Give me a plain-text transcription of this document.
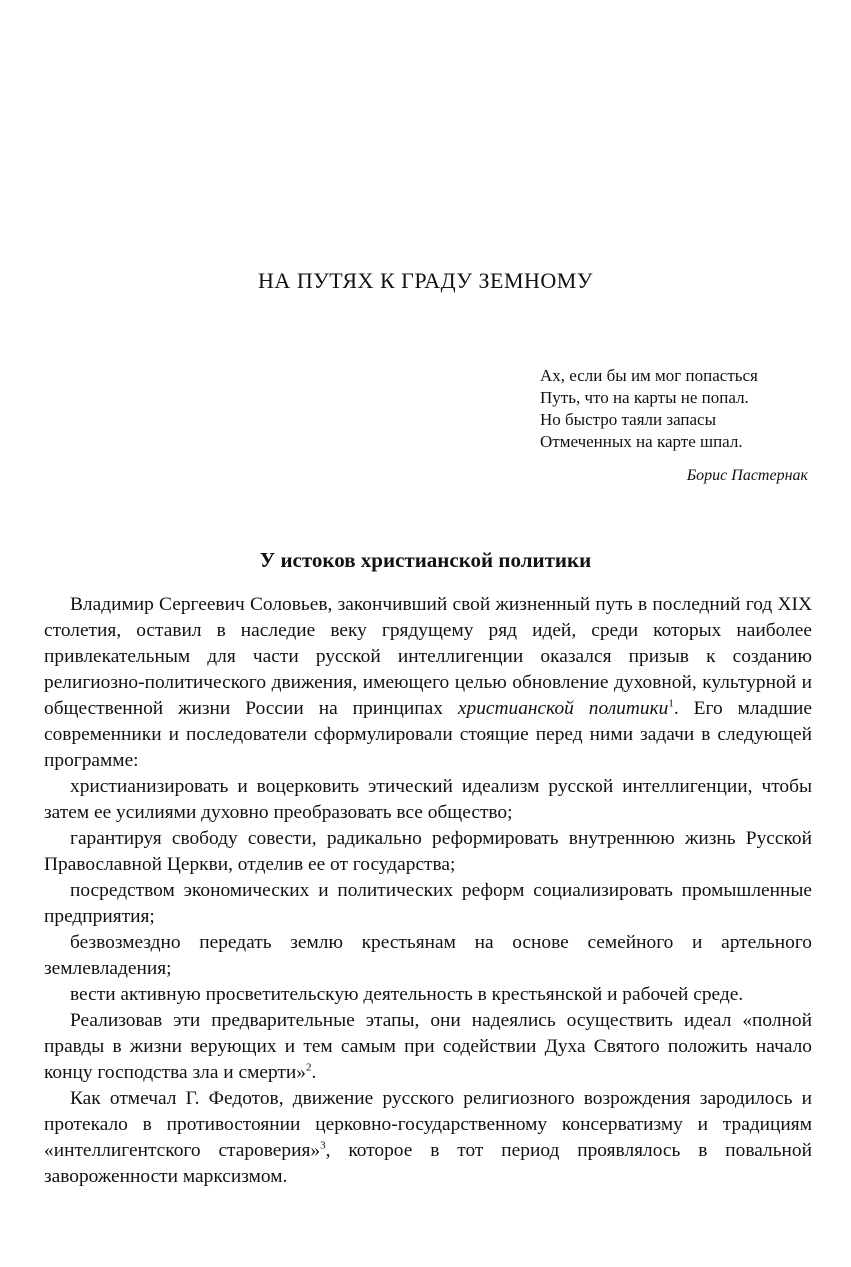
НА ПУТЯХ К ГРАДУ ЗЕМНОМУ
Ах, если бы им мог попасться
Путь, что на карты не попал.
Но быстро таяли запасы
Отмеченных на карте шпал.
Борис Пастернак
У истоков христианской политики

Владимир Сергеевич Соловьев, закончивший свой жизненный путь в последний год XIX столетия, оставил в наследие веку грядущему ряд идей, среди которых наиболее привлекательным для части русской интеллигенции оказался призыв к созданию религиозно-политического движения, имеющего целью обновление духовной, культурной и общественной жизни России на принципах христианской политики$^1$. Его младшие современники и последователи сформулировали стоящие перед ними задачи в следующей программе:

христианизировать и воцерковить этический идеализм русской интеллигенции, чтобы затем ее усилиями духовно преобразовать все общество;

гарантируя свободу совести, радикально реформировать внутреннюю жизнь Русской Православной Церкви, отделив ее от государства;

посредством экономических и политических реформ социализировать промышленные предприятия;

безвозмездно передать землю крестьянам на основе семейного и артельного землевладения;

вести активную просветительскую деятельность в крестьянской и рабочей среде.

Реализовав эти предварительные этапы, они надеялись осуществить идеал «полной правды в жизни верующих и тем самым при содействии Духа Святого положить начало концу господства зла и смерти»$^2$.

Как отмечал Г. Федотов, движение русского религиозного возрождения зародилось и протекало в противостоянии церковно-государственному консерватизму и традициям «интеллигентского староверия»$^3$, которое в тот период проявлялось в повальной завороженности марксизмом.
